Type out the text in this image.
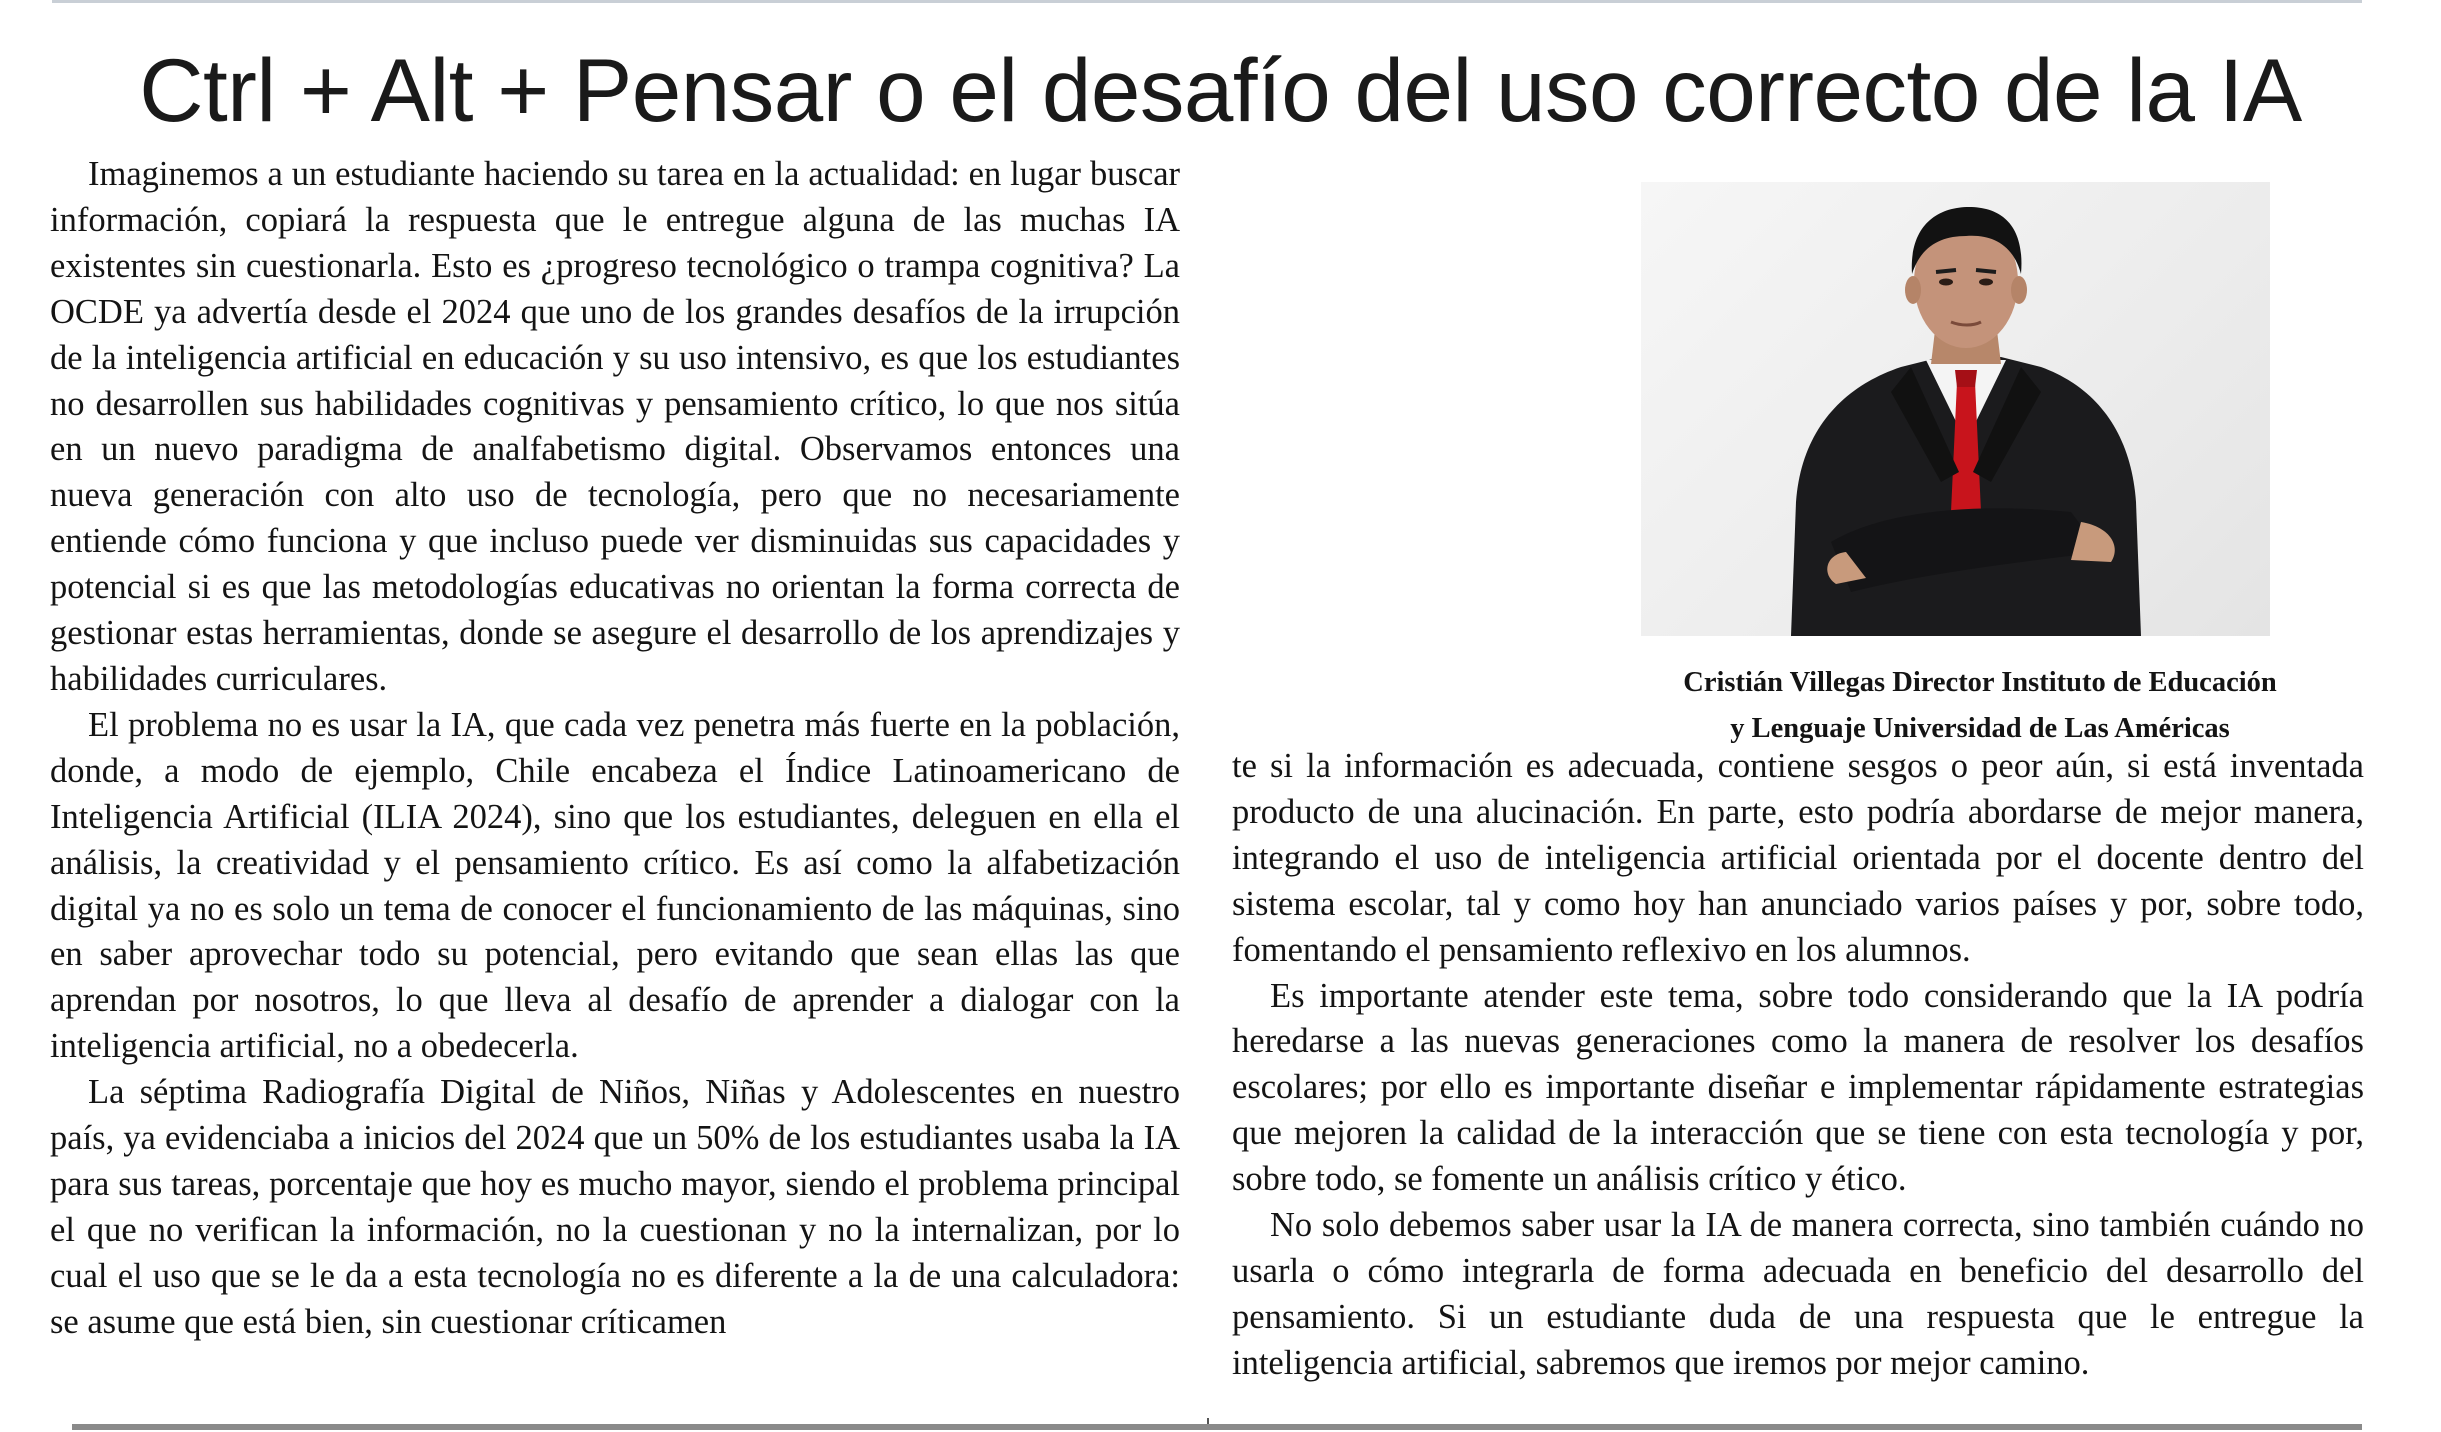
Ctrl + Alt + Pensar o el desafío del uso correcto de la IA

Imaginemos a un estudiante haciendo su tarea en la actualidad: en lugar buscar información, copiará la respuesta que le entregue alguna de las muchas IA existentes sin cuestionarla. Esto es ¿progreso tecnológico o trampa cognitiva? La OCDE ya advertía desde el 2024 que uno de los grandes desafíos de la irrupción de la inteligencia artificial en educación y su uso intensivo, es que los estudiantes no desarrollen sus habilidades cognitivas y pensamiento crítico, lo que nos sitúa en un nuevo paradigma de analfabetismo digital. Observamos entonces una nueva generación con alto uso de tecnología, pero que no necesariamente entiende cómo funciona y que incluso puede ver disminuidas sus capacidades y potencial si es que las metodologías educativas no orientan la forma correcta de gestionar estas herramientas, donde se asegure el desarrollo de los aprendizajes y habilidades curriculares.

El problema no es usar la IA, que cada vez penetra más fuerte en la población, donde, a modo de ejemplo, Chile encabeza el Índice Latinoamericano de Inteligencia Artificial (ILIA 2024), sino que los estudiantes, deleguen en ella el análisis, la creatividad y el pensamiento crítico. Es así como la alfabetización digital ya no es solo un tema de conocer el funcionamiento de las máquinas, sino en saber aprovechar todo su potencial, pero evitando que sean ellas las que aprendan por nosotros, lo que lleva al desafío de aprender a dialogar con la inteligencia artificial, no a obedecerla.

La séptima Radiografía Digital de Niños, Niñas y Adolescentes en nuestro país, ya evidenciaba a inicios del 2024 que un 50% de los estudiantes usaba la IA para sus tareas, porcentaje que hoy es mucho mayor, siendo el problema principal el que no verifican la información, no la cuestionan y no la internalizan, por lo cual el uso que se le da a esta tecnología no es diferente a la de una calculadora: se asume que está bien, sin cuestionar críticamen

Cristián Villegas Director Instituto de Educación
y Lenguaje Universidad de Las Américas

te si la información es adecuada, contiene sesgos o peor aún, si está inventada producto de una alucinación. En parte, esto podría abordarse de mejor manera, integrando el uso de inteligencia artificial orientada por el docente dentro del sistema escolar, tal y como hoy han anunciado varios países y por, sobre todo, fomentando el pensamiento reflexivo en los alumnos.

Es importante atender este tema, sobre todo considerando que la IA podría heredarse a las nuevas generaciones como la manera de resolver los desafíos escolares; por ello es importante diseñar e implementar rápidamente estrategias que mejoren la calidad de la interacción que se tiene con esta tecnología y por, sobre todo, se fomente un análisis crítico y ético.

No solo debemos saber usar la IA de manera correcta, sino también cuándo no usarla o cómo integrarla de forma adecuada en beneficio del desarrollo del pensamiento. Si un estudiante duda de una respuesta que le entregue la inteligencia artificial, sabremos que iremos por mejor camino.
